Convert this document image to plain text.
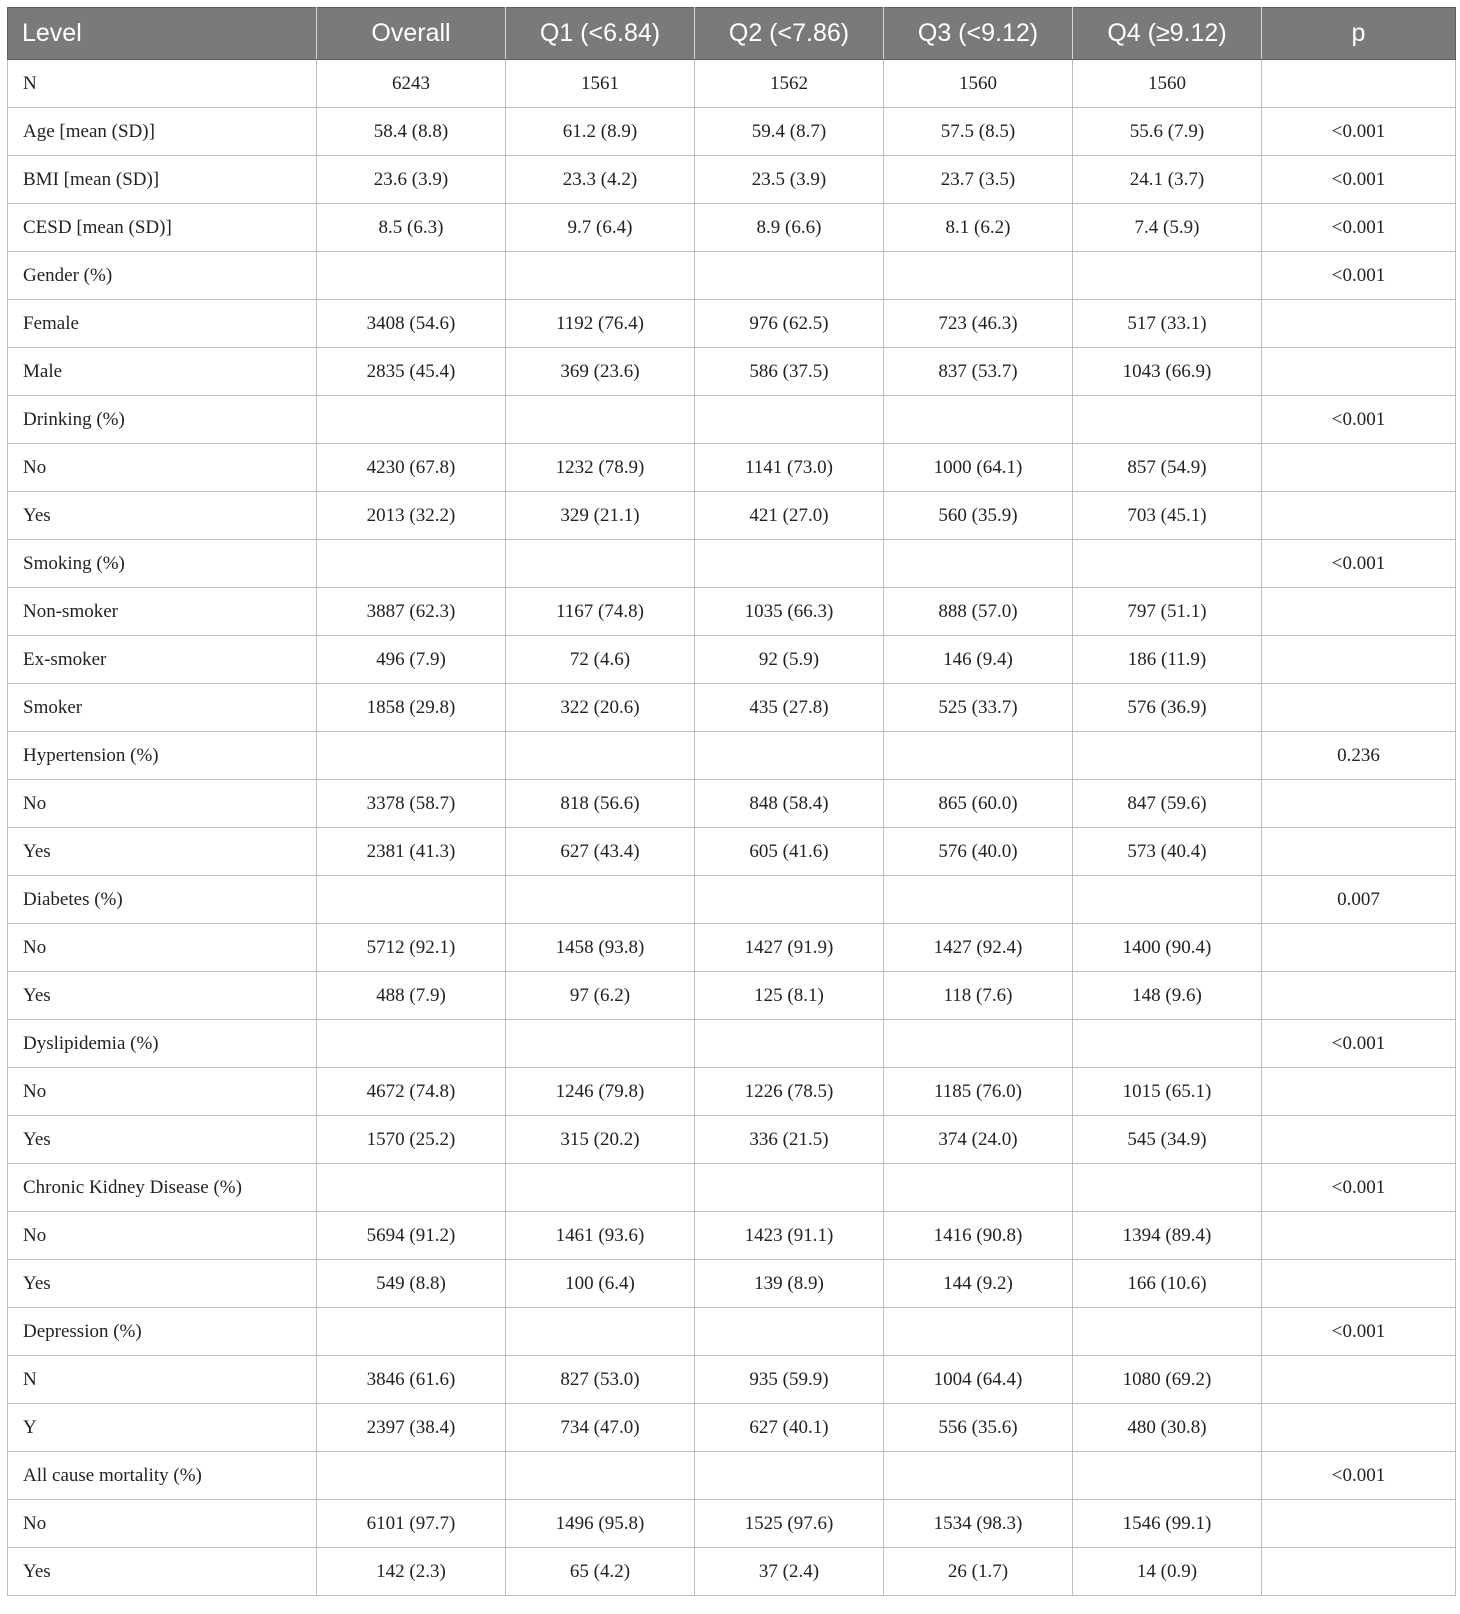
Level	Overall	Q1 (<6.84)	Q2 (<7.86)	Q3 (<9.12)	Q4 (≥9.12)	p
N	6243	1561	1562	1560	1560	
Age [mean (SD)]	58.4 (8.8)	61.2 (8.9)	59.4 (8.7)	57.5 (8.5)	55.6 (7.9)	<0.001
BMI [mean (SD)]	23.6 (3.9)	23.3 (4.2)	23.5 (3.9)	23.7 (3.5)	24.1 (3.7)	<0.001
CESD [mean (SD)]	8.5 (6.3)	9.7 (6.4)	8.9 (6.6)	8.1 (6.2)	7.4 (5.9)	<0.001
Gender (%)						<0.001
Female	3408 (54.6)	1192 (76.4)	976 (62.5)	723 (46.3)	517 (33.1)	
Male	2835 (45.4)	369 (23.6)	586 (37.5)	837 (53.7)	1043 (66.9)	
Drinking (%)						<0.001
No	4230 (67.8)	1232 (78.9)	1141 (73.0)	1000 (64.1)	857 (54.9)	
Yes	2013 (32.2)	329 (21.1)	421 (27.0)	560 (35.9)	703 (45.1)	
Smoking (%)						<0.001
Non-smoker	3887 (62.3)	1167 (74.8)	1035 (66.3)	888 (57.0)	797 (51.1)	
Ex-smoker	496 (7.9)	72 (4.6)	92 (5.9)	146 (9.4)	186 (11.9)	
Smoker	1858 (29.8)	322 (20.6)	435 (27.8)	525 (33.7)	576 (36.9)	
Hypertension (%)						0.236
No	3378 (58.7)	818 (56.6)	848 (58.4)	865 (60.0)	847 (59.6)	
Yes	2381 (41.3)	627 (43.4)	605 (41.6)	576 (40.0)	573 (40.4)	
Diabetes (%)						0.007
No	5712 (92.1)	1458 (93.8)	1427 (91.9)	1427 (92.4)	1400 (90.4)	
Yes	488 (7.9)	97 (6.2)	125 (8.1)	118 (7.6)	148 (9.6)	
Dyslipidemia (%)						<0.001
No	4672 (74.8)	1246 (79.8)	1226 (78.5)	1185 (76.0)	1015 (65.1)	
Yes	1570 (25.2)	315 (20.2)	336 (21.5)	374 (24.0)	545 (34.9)	
Chronic Kidney Disease (%)						<0.001
No	5694 (91.2)	1461 (93.6)	1423 (91.1)	1416 (90.8)	1394 (89.4)	
Yes	549 (8.8)	100 (6.4)	139 (8.9)	144 (9.2)	166 (10.6)	
Depression (%)						<0.001
N	3846 (61.6)	827 (53.0)	935 (59.9)	1004 (64.4)	1080 (69.2)	
Y	2397 (38.4)	734 (47.0)	627 (40.1)	556 (35.6)	480 (30.8)	
All cause mortality (%)						<0.001
No	6101 (97.7)	1496 (95.8)	1525 (97.6)	1534 (98.3)	1546 (99.1)	
Yes	142 (2.3)	65 (4.2)	37 (2.4)	26 (1.7)	14 (0.9)	
